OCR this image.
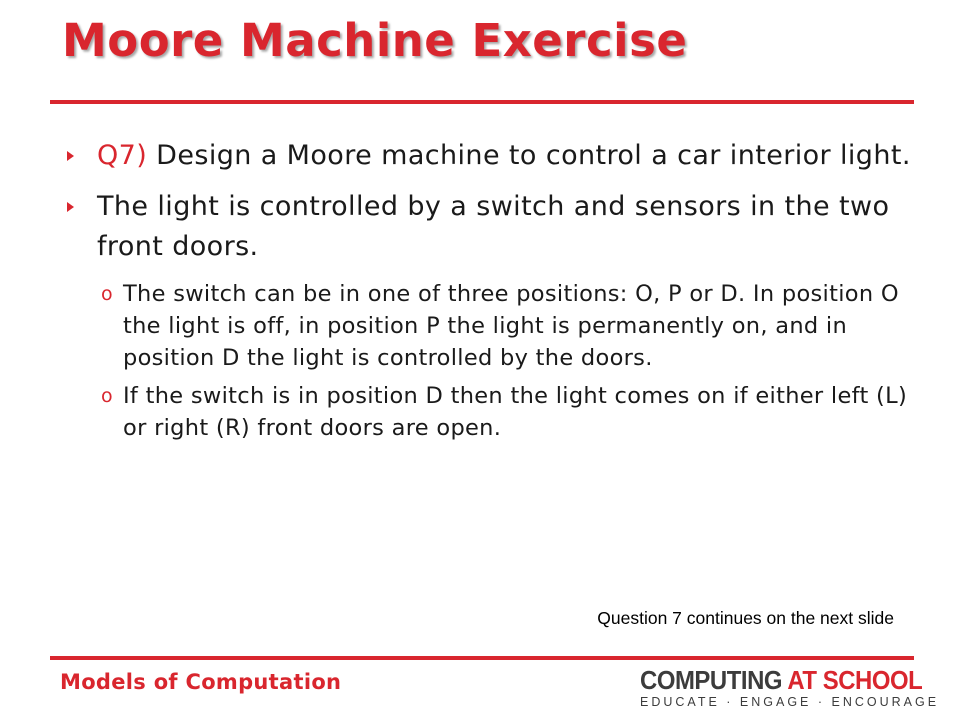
Moore Machine Exercise
Q7) Design a Moore machine to control a car interior light.
The light is controlled by a switch and sensors in the two front doors.
o The switch can be in one of three positions: O, P or D. In position O the light is off, in position P the light is permanently on, and in position D the light is controlled by the doors.
o If the switch is in position D then the light comes on if either left (L) or right (R) front doors are open.
Question 7 continues on the next slide
Models of Computation	COMPUTING AT SCHOOL
EDUCATE · ENGAGE · ENCOURAGE
